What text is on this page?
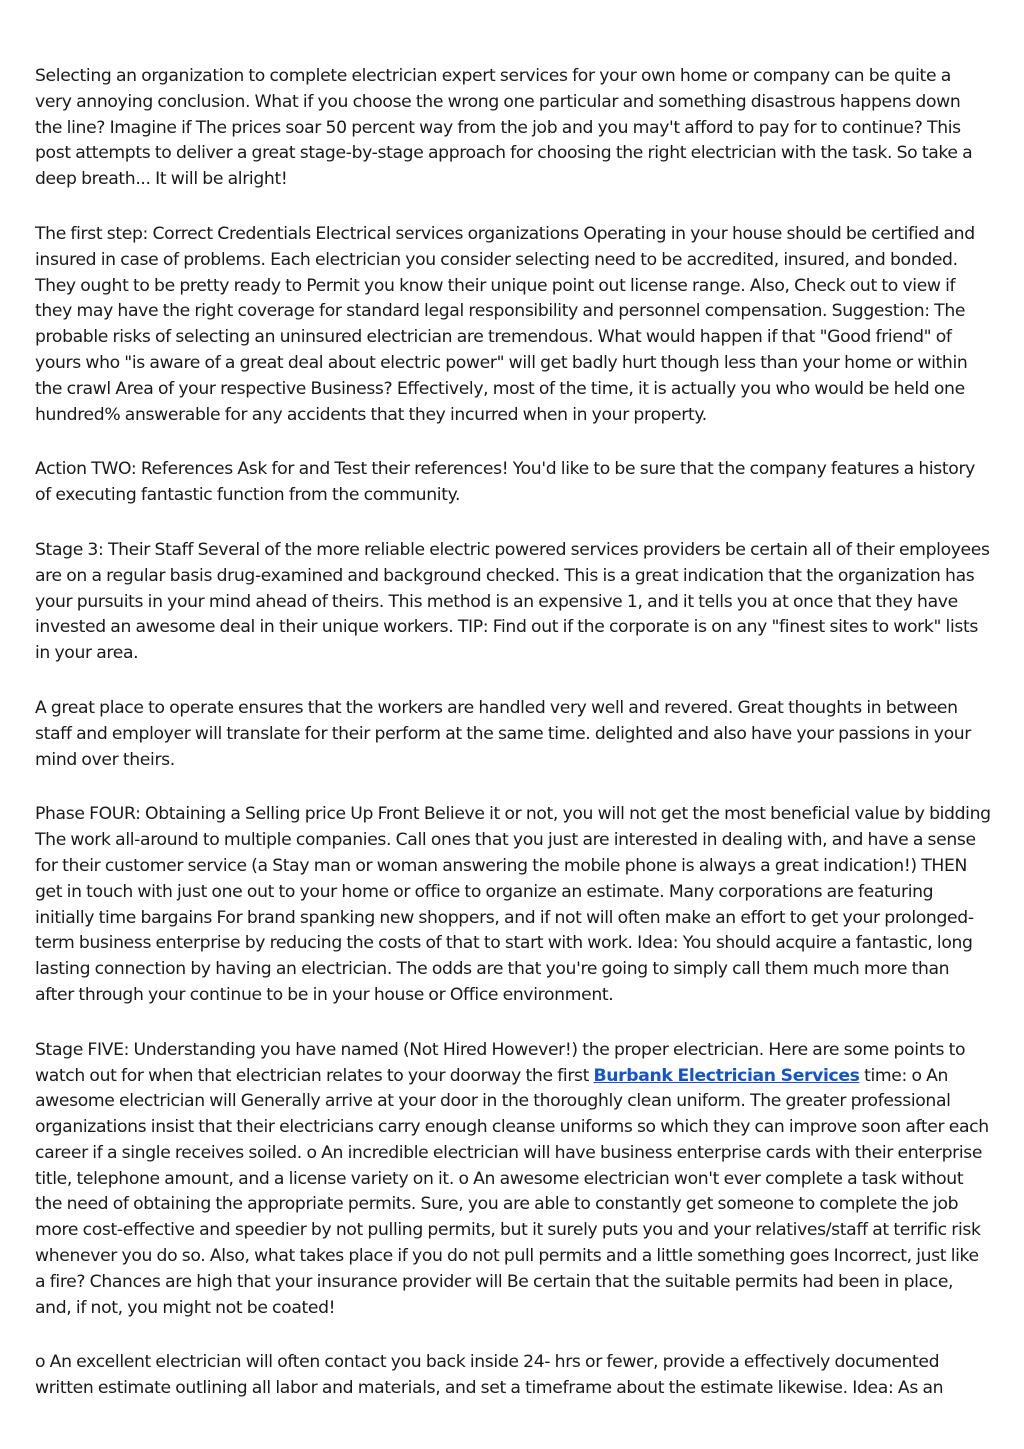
Selecting an organization to complete electrician expert services for your own home or company can be quite a very annoying conclusion. What if you choose the wrong one particular and something disastrous happens down the line? Imagine if The prices soar 50 percent way from the job and you may't afford to pay for to continue? This post attempts to deliver a great stage-by-stage approach for choosing the right electrician with the task. So take a deep breath... It will be alright!

The first step: Correct Credentials Electrical services organizations Operating in your house should be certified and insured in case of problems. Each electrician you consider selecting need to be accredited, insured, and bonded. They ought to be pretty ready to Permit you know their unique point out license range. Also, Check out to view if they may have the right coverage for standard legal responsibility and personnel compensation. Suggestion: The probable risks of selecting an uninsured electrician are tremendous. What would happen if that "Good friend" of yours who "is aware of a great deal about electric power" will get badly hurt though less than your home or within the crawl Area of your respective Business? Effectively, most of the time, it is actually you who would be held one hundred% answerable for any accidents that they incurred when in your property.

Action TWO: References Ask for and Test their references! You'd like to be sure that the company features a history of executing fantastic function from the community.

Stage 3: Their Staff Several of the more reliable electric powered services providers be certain all of their employees are on a regular basis drug-examined and background checked. This is a great indication that the organization has your pursuits in your mind ahead of theirs. This method is an expensive 1, and it tells you at once that they have invested an awesome deal in their unique workers. TIP: Find out if the corporate is on any "finest sites to work" lists in your area.

A great place to operate ensures that the workers are handled very well and revered. Great thoughts in between staff and employer will translate for their perform at the same time. delighted and also have your passions in your mind over theirs.

Phase FOUR: Obtaining a Selling price Up Front Believe it or not, you will not get the most beneficial value by bidding The work all-around to multiple companies. Call ones that you just are interested in dealing with, and have a sense for their customer service (a Stay man or woman answering the mobile phone is always a great indication!) THEN get in touch with just one out to your home or office to organize an estimate. Many corporations are featuring initially time bargains For brand spanking new shoppers, and if not will often make an effort to get your prolonged-term business enterprise by reducing the costs of that to start with work. Idea: You should acquire a fantastic, long lasting connection by having an electrician. The odds are that you're going to simply call them much more than after through your continue to be in your house or Office environment.

Stage FIVE: Understanding you have named (Not Hired However!) the proper electrician. Here are some points to watch out for when that electrician relates to your doorway the first Burbank Electrician Services time: o An awesome electrician will Generally arrive at your door in the thoroughly clean uniform. The greater professional organizations insist that their electricians carry enough cleanse uniforms so which they can improve soon after each career if a single receives soiled. o An incredible electrician will have business enterprise cards with their enterprise title, telephone amount, and a license variety on it. o An awesome electrician won't ever complete a task without the need of obtaining the appropriate permits. Sure, you are able to constantly get someone to complete the job more cost-effective and speedier by not pulling permits, but it surely puts you and your relatives/staff at terrific risk whenever you do so. Also, what takes place if you do not pull permits and a little something goes Incorrect, just like a fire? Chances are high that your insurance provider will Be certain that the suitable permits had been in place, and, if not, you might not be coated!

o An excellent electrician will often contact you back inside 24- hrs or fewer, provide a effectively documented written estimate outlining all labor and materials, and set a timeframe about the estimate likewise. Idea: As an
